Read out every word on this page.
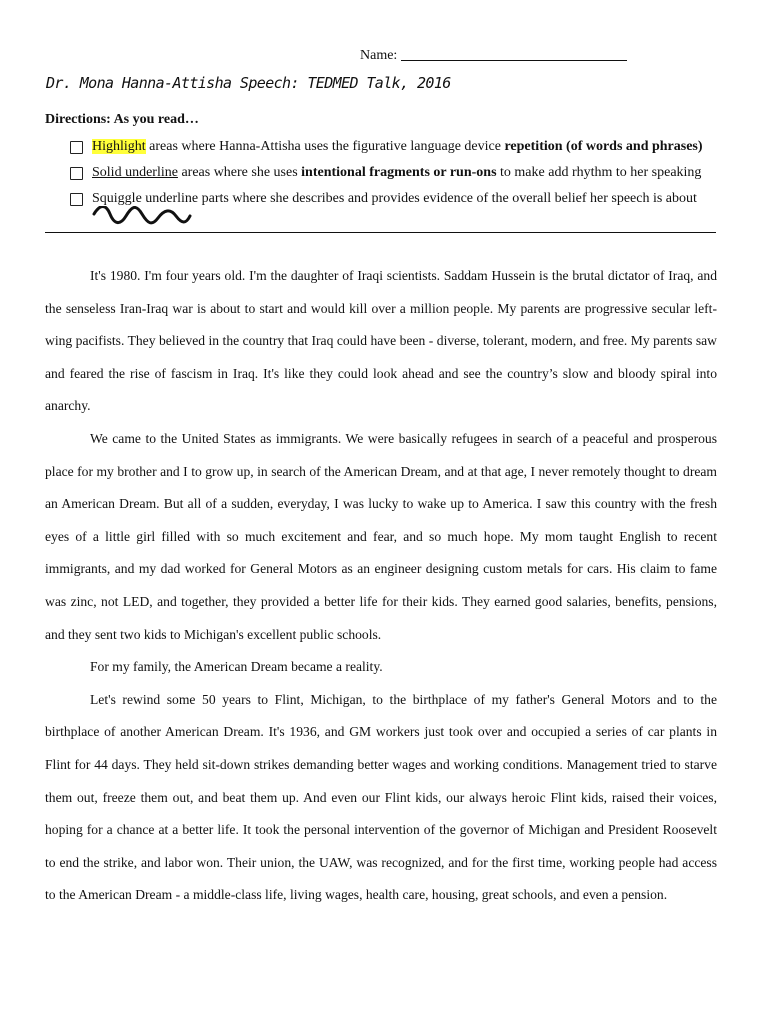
Name:
Dr. Mona Hanna-Attisha Speech: TEDMED Talk, 2016
Directions: As you read…
Highlight areas where Hanna-Attisha uses the figurative language device repetition (of words and phrases)
Solid underline areas where she uses intentional fragments or run-ons to make add rhythm to her speaking
Squiggle underline parts where she describes and provides evidence of the overall belief her speech is about

It's 1980. I'm four years old. I'm the daughter of Iraqi scientists. Saddam Hussein is the brutal dictator of Iraq, and the senseless Iran-Iraq war is about to start and would kill over a million people. My parents are progressive secular left-wing pacifists. They believed in the country that Iraq could have been - diverse, tolerant, modern, and free. My parents saw and feared the rise of fascism in Iraq. It's like they could look ahead and see the country’s slow and bloody spiral into anarchy.

We came to the United States as immigrants. We were basically refugees in search of a peaceful and prosperous place for my brother and I to grow up, in search of the American Dream, and at that age, I never remotely thought to dream an American Dream. But all of a sudden, everyday, I was lucky to wake up to America. I saw this country with the fresh eyes of a little girl filled with so much excitement and fear, and so much hope. My mom taught English to recent immigrants, and my dad worked for General Motors as an engineer designing custom metals for cars. His claim to fame was zinc, not LED, and together, they provided a better life for their kids. They earned good salaries, benefits, pensions, and they sent two kids to Michigan's excellent public schools.

For my family, the American Dream became a reality.

Let's rewind some 50 years to Flint, Michigan, to the birthplace of my father's General Motors and to the birthplace of another American Dream. It's 1936, and GM workers just took over and occupied a series of car plants in Flint for 44 days. They held sit-down strikes demanding better wages and working conditions. Management tried to starve them out, freeze them out, and beat them up. And even our Flint kids, our always heroic Flint kids, raised their voices, hoping for a chance at a better life. It took the personal intervention of the governor of Michigan and President Roosevelt to end the strike, and labor won. Their union, the UAW, was recognized, and for the first time, working people had access to the American Dream - a middle-class life, living wages, health care, housing, great schools, and even a pension.
